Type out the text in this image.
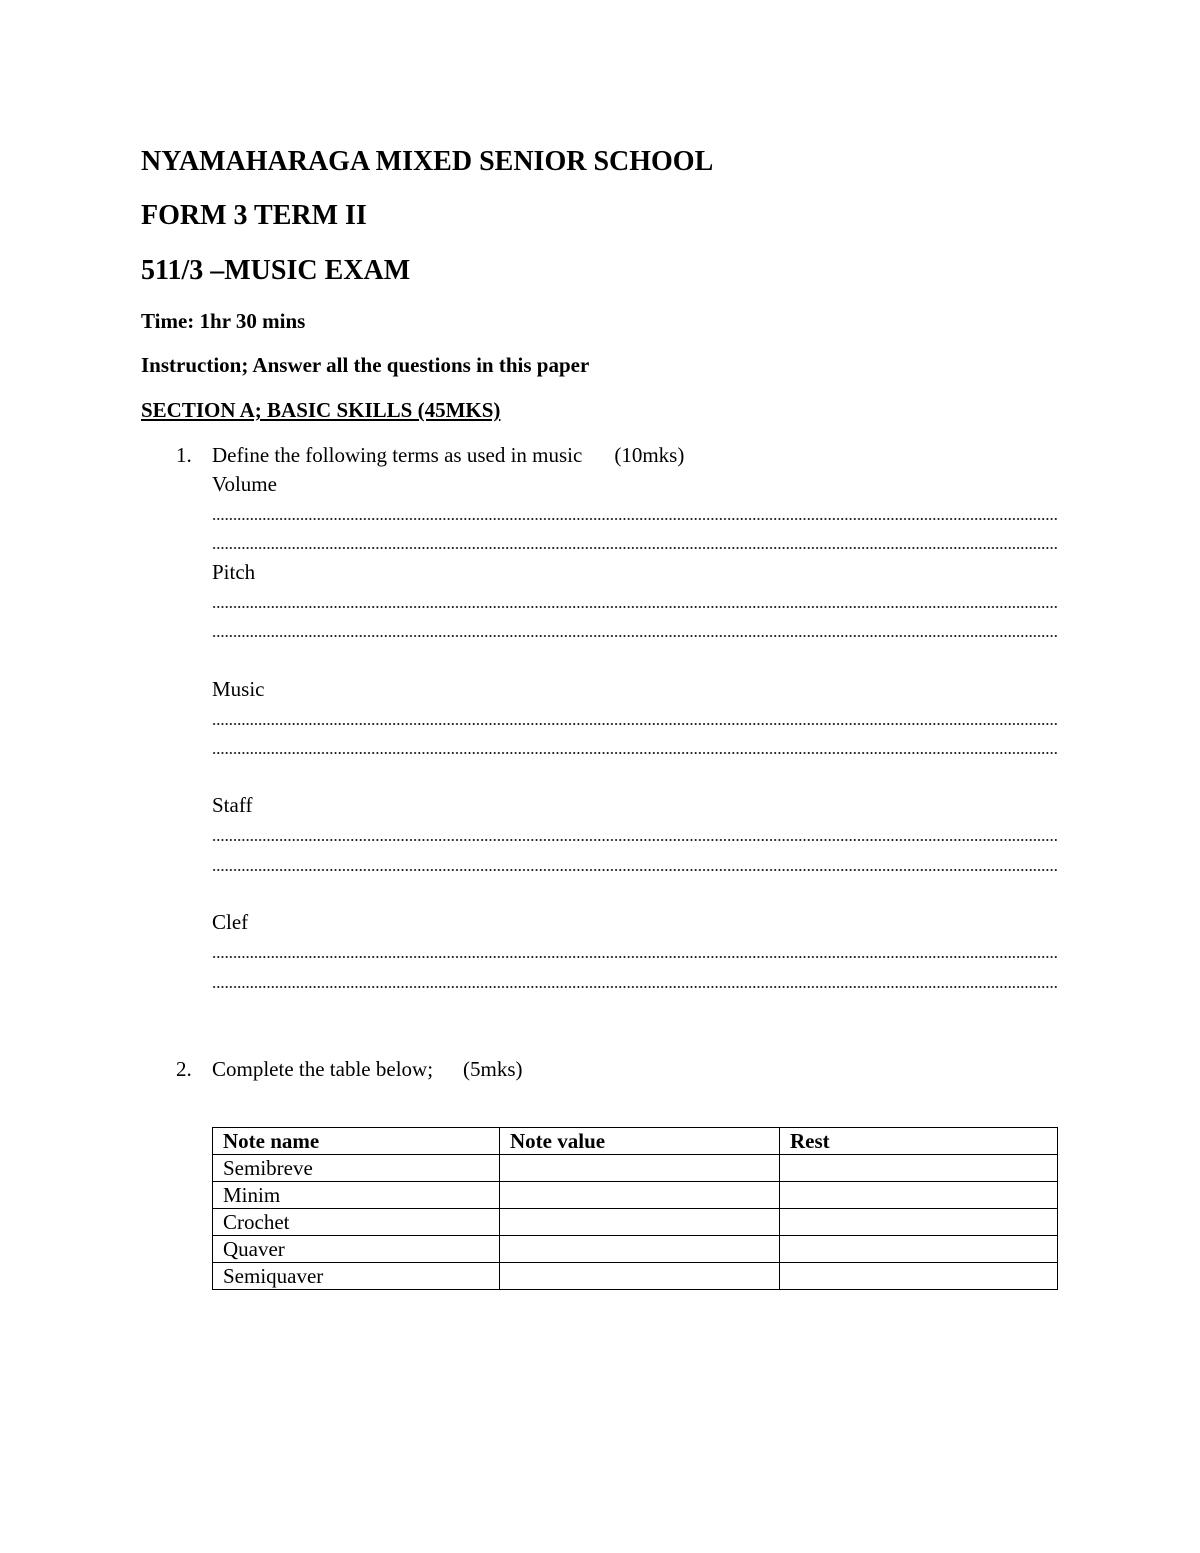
NYAMAHARAGA MIXED SENIOR SCHOOL
FORM 3 TERM II
511/3 –MUSIC EXAM
Time: 1hr 30 mins
Instruction; Answer all the questions in this paper
SECTION A; BASIC SKILLS (45MKS)
1. Define the following terms as used in music (10mks)
Volume
Pitch
Music
Staff
Clef
2. Complete the table below; (5mks)
Note name	Note value	Rest
Semibreve		
Minim		
Crochet		
Quaver		
Semiquaver		
